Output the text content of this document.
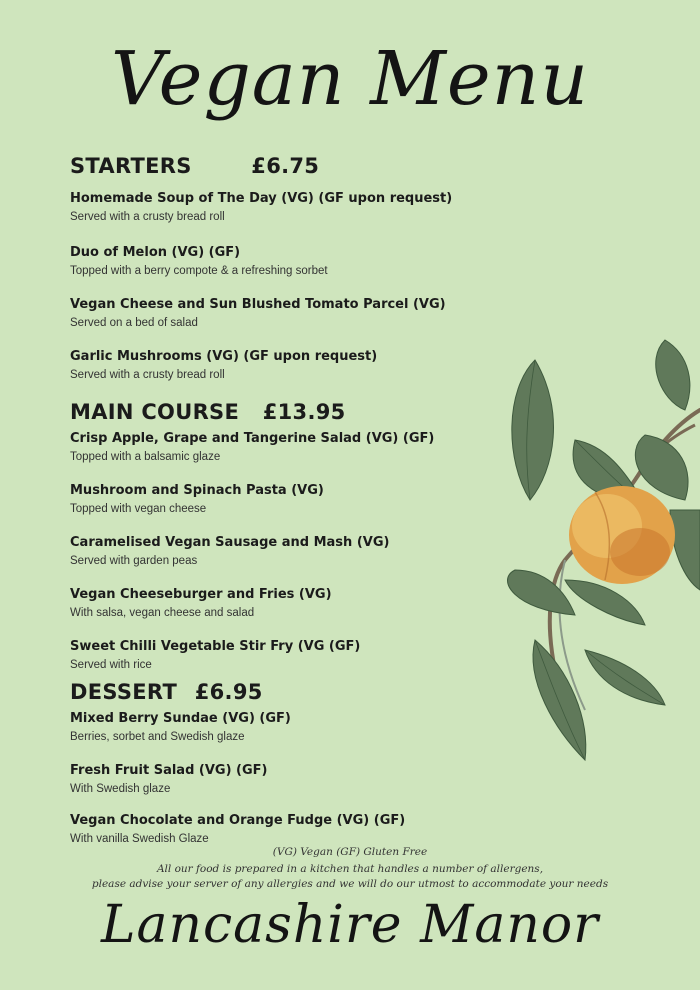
Vegan Menu
STARTERS	£6.75
Homemade Soup of The Day (VG) (GF upon request)
Served with a crusty bread roll
Duo of Melon (VG) (GF)
Topped with a berry compote & a refreshing sorbet
Vegan Cheese and Sun Blushed Tomato Parcel (VG)
Served on a bed of salad
Garlic Mushrooms (VG) (GF upon request)
Served with a crusty bread roll
MAIN COURSE £13.95
Crisp Apple, Grape and Tangerine Salad (VG) (GF)
Topped with a balsamic glaze
Mushroom and Spinach Pasta (VG)
Topped with vegan cheese
Caramelised Vegan Sausage and Mash (VG)
Served with garden peas
Vegan Cheeseburger and Fries (VG)
With salsa, vegan cheese and salad
Sweet Chilli Vegetable Stir Fry (VG (GF)
Served with rice
DESSERT £6.95
Mixed Berry Sundae (VG) (GF)
Berries, sorbet and Swedish glaze
Fresh Fruit Salad (VG) (GF)
With Swedish glaze
Vegan Chocolate and Orange Fudge (VG) (GF)
With vanilla Swedish Glaze
(VG) Vegan (GF) Gluten Free
All our food is prepared in a kitchen that handles a number of allergens,
please advise your server of any allergies and we will do our utmost to accommodate your needs
Lancashire Manor
